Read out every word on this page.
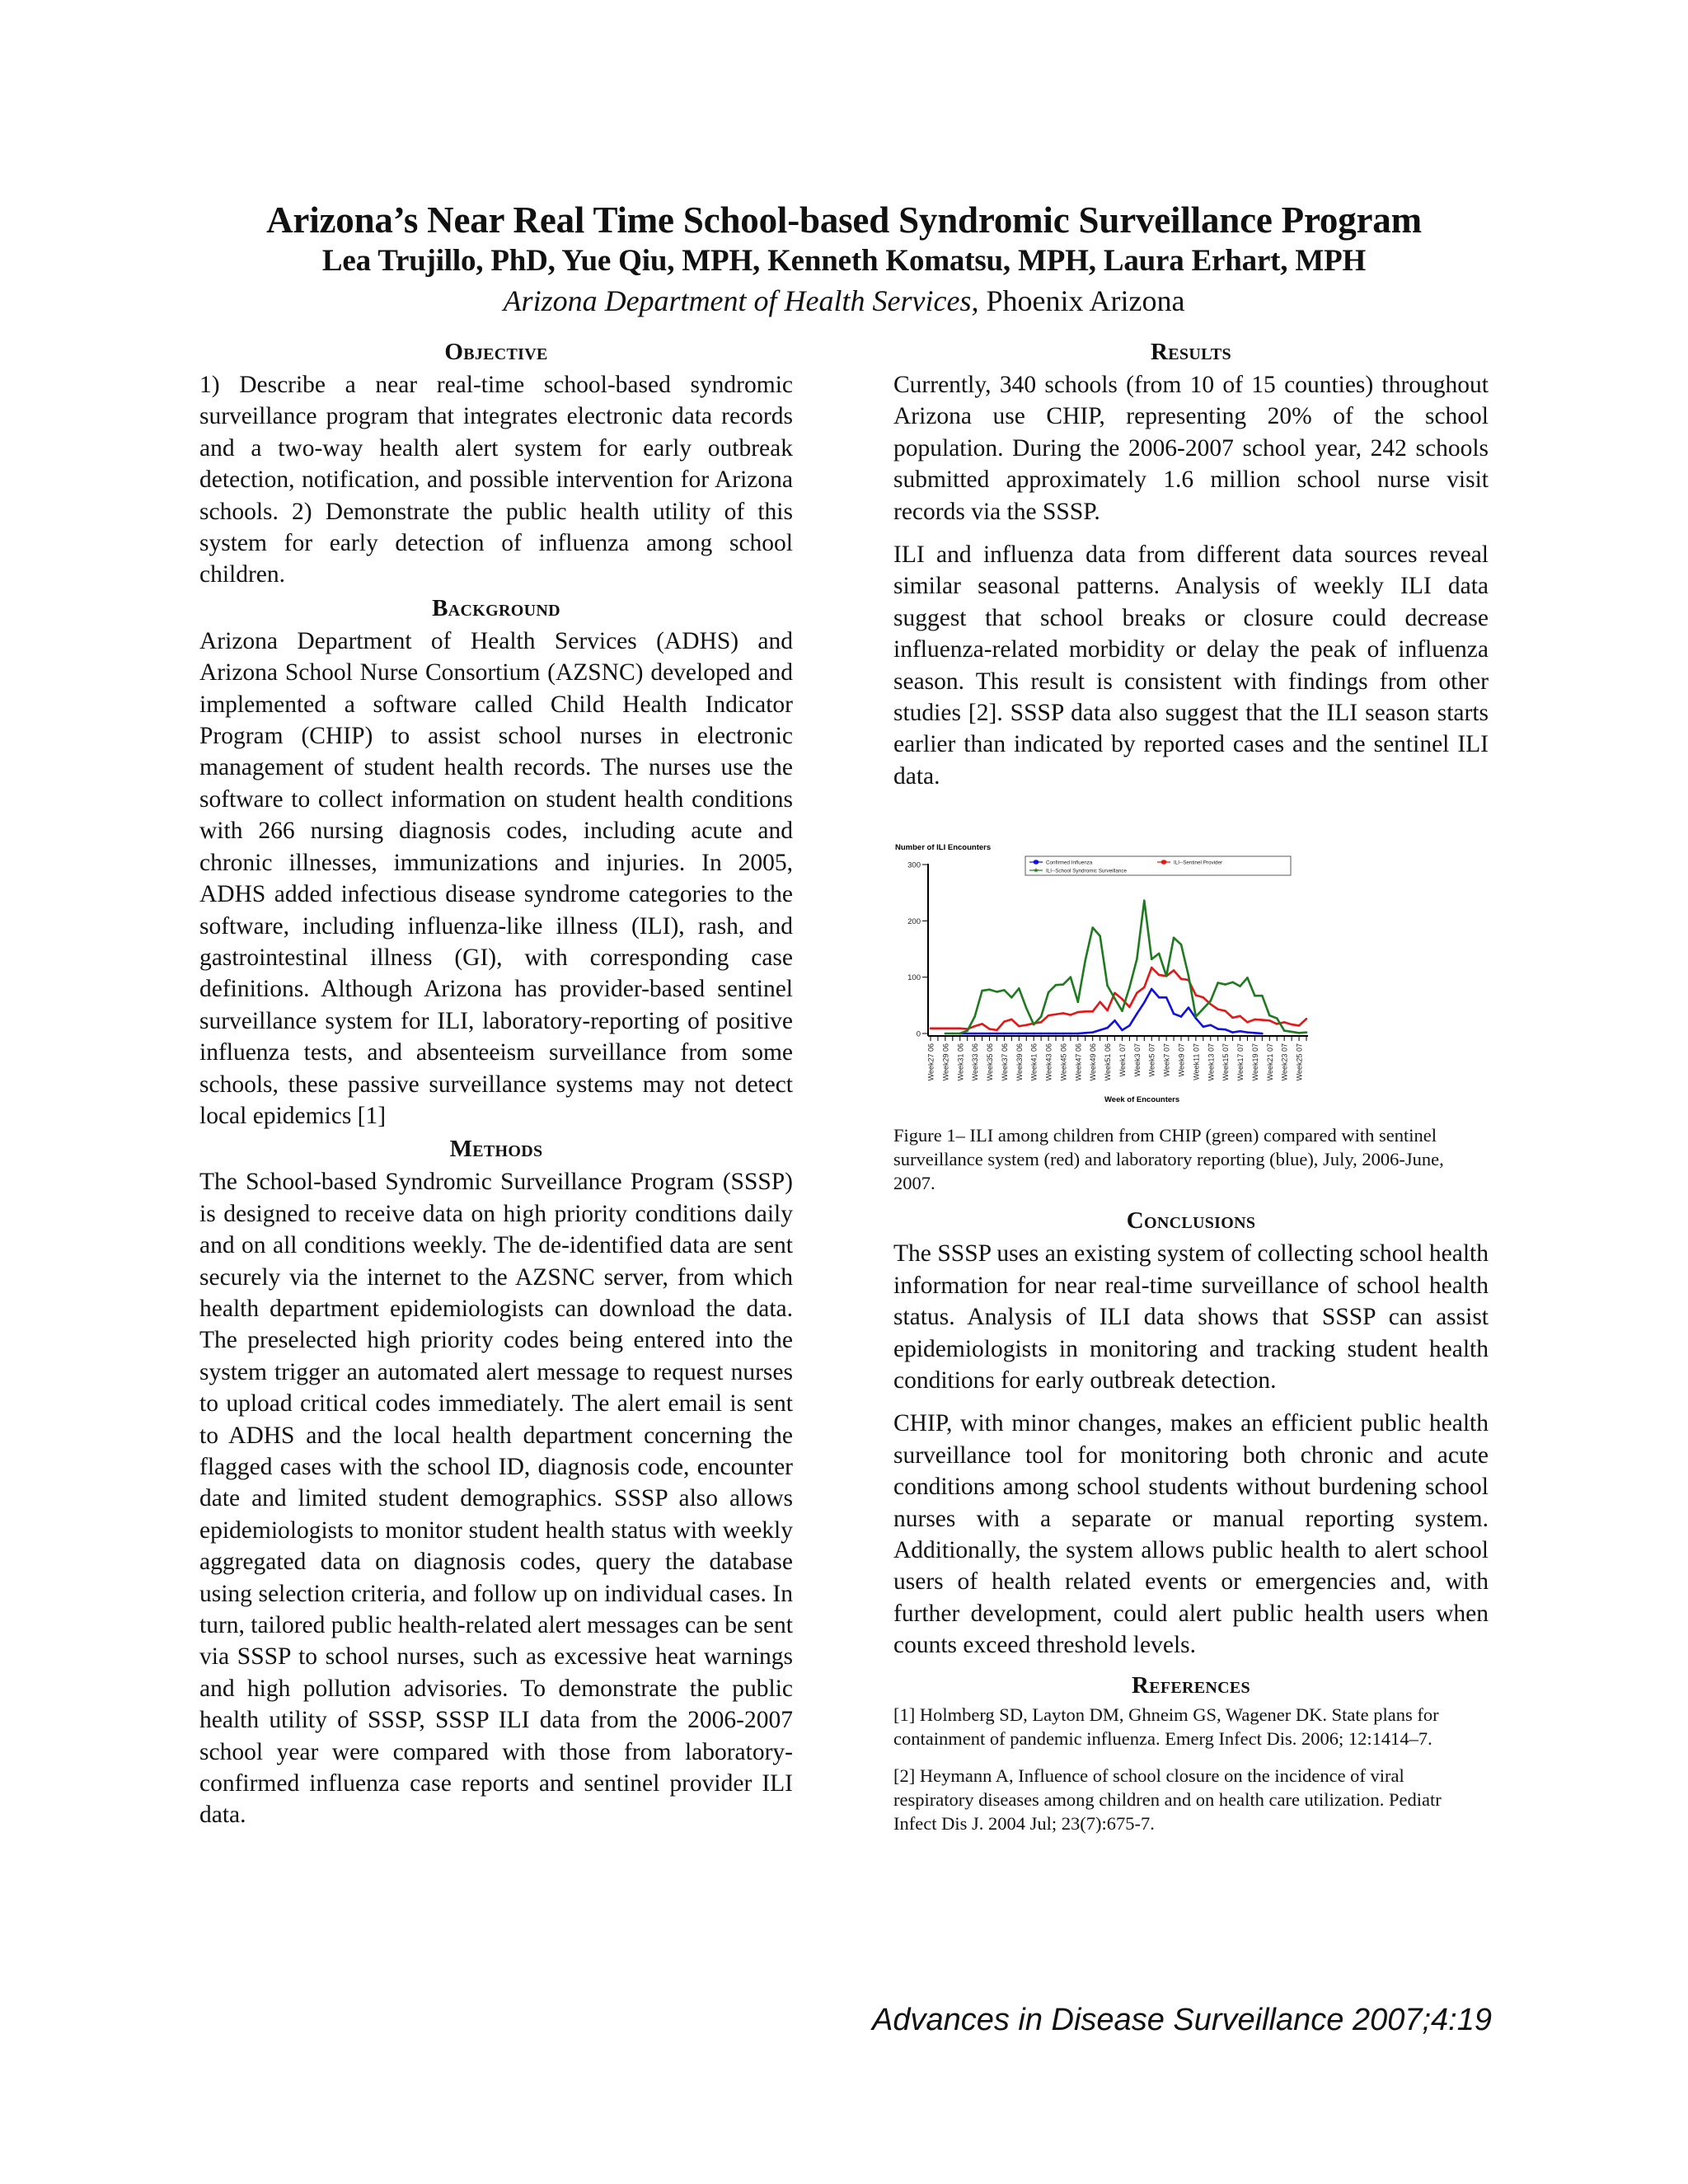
Arizona’s Near Real Time School-based Syndromic Surveillance Program
Lea Trujillo, PhD, Yue Qiu, MPH, Kenneth Komatsu, MPH, Laura Erhart, MPH
Arizona Department of Health Services, Phoenix Arizona
Objective

1) Describe a near real-time school-based syndromic surveillance program that integrates electronic data records and a two-way health alert system for early outbreak detection, notification, and possible intervention for Arizona schools. 2) Demonstrate the public health utility of this system for early detection of influenza among school children.

Background

Arizona Department of Health Services (ADHS) and Arizona School Nurse Consortium (AZSNC) developed and implemented a software called Child Health Indicator Program (CHIP) to assist school nurses in electronic management of student health records. The nurses use the software to collect information on student health conditions with 266 nursing diagnosis codes, including acute and chronic illnesses, immunizations and injuries. In 2005, ADHS added infectious disease syndrome categories to the software, including influenza-like illness (ILI), rash, and gastrointestinal illness (GI), with corresponding case definitions. Although Arizona has provider-based sentinel surveillance system for ILI, laboratory-reporting of positive influenza tests, and absenteeism surveillance from some schools, these passive surveillance systems may not detect local epidemics [1]

Methods

The School-based Syndromic Surveillance Program (SSSP) is designed to receive data on high priority conditions daily and on all conditions weekly. The de-identified data are sent securely via the internet to the AZSNC server, from which health department epidemiologists can download the data. The preselected high priority codes being entered into the system trigger an automated alert message to request nurses to upload critical codes immediately. The alert email is sent to ADHS and the local health department concerning the flagged cases with the school ID, diagnosis code, encounter date and limited student demographics. SSSP also allows epidemiologists to monitor student health status with weekly aggregated data on diagnosis codes, query the database using selection criteria, and follow up on individual cases. In turn, tailored public health-related alert messages can be sent via SSSP to school nurses, such as excessive heat warnings and high pollution advisories. To demonstrate the public health utility of SSSP, SSSP ILI data from the 2006-2007 school year were compared with those from laboratory-confirmed influenza case reports and sentinel provider ILI data.

Results

Currently, 340 schools (from 10 of 15 counties) throughout Arizona use CHIP, representing 20% of the school population. During the 2006-2007 school year, 242 schools submitted approximately 1.6 million school nurse visit records via the SSSP.

ILI and influenza data from different data sources reveal similar seasonal patterns. Analysis of weekly ILI data suggest that school breaks or closure could decrease influenza-related morbidity or delay the peak of influenza season. This result is consistent with findings from other studies [2]. SSSP data also suggest that the ILI season starts earlier than indicated by reported cases and the sentinel ILI data.

0
100
200
300
Week27 06 Week29 06 Week31 06 Week33 06 Week35 06 Week37 06 Week39 06 Week41 06 Week43 06 Week45 06 Week47 06 Week49 06 Week51 06 Week1 07 Week3 07 Week5 07 Week7 07 Week9 07 Week11 07 Week13 07 Week15 07 Week17 07 Week19 07 Week21 07 Week23 07 Week25 07
Confirmed Influenza	ILI--Sentinel Provider
ILI--School Syndromic Surveillance
Number of ILI Encounters
Week of Encounters
Figure 1– ILI among children from CHIP (green) compared with sentinel surveillance system (red) and laboratory reporting (blue), July, 2006-June, 2007.
Conclusions

The SSSP uses an existing system of collecting school health information for near real-time surveillance of school health status. Analysis of ILI data shows that SSSP can assist epidemiologists in monitoring and tracking student health conditions for early outbreak detection.

CHIP, with minor changes, makes an efficient public health surveillance tool for monitoring both chronic and acute conditions among school students without burdening school nurses with a separate or manual reporting system. Additionally, the system allows public health to alert school users of health related events or emergencies and, with further development, could alert public health users when counts exceed threshold levels.

References

[1] Holmberg SD, Layton DM, Ghneim GS, Wagener DK. State plans for containment of pandemic influenza. Emerg Infect Dis. 2006; 12:1414–7.

[2] Heymann A, Influence of school closure on the incidence of viral respiratory diseases among children and on health care utilization. Pediatr Infect Dis J. 2004 Jul; 23(7):675-7.

Advances in Disease Surveillance 2007;4:19
